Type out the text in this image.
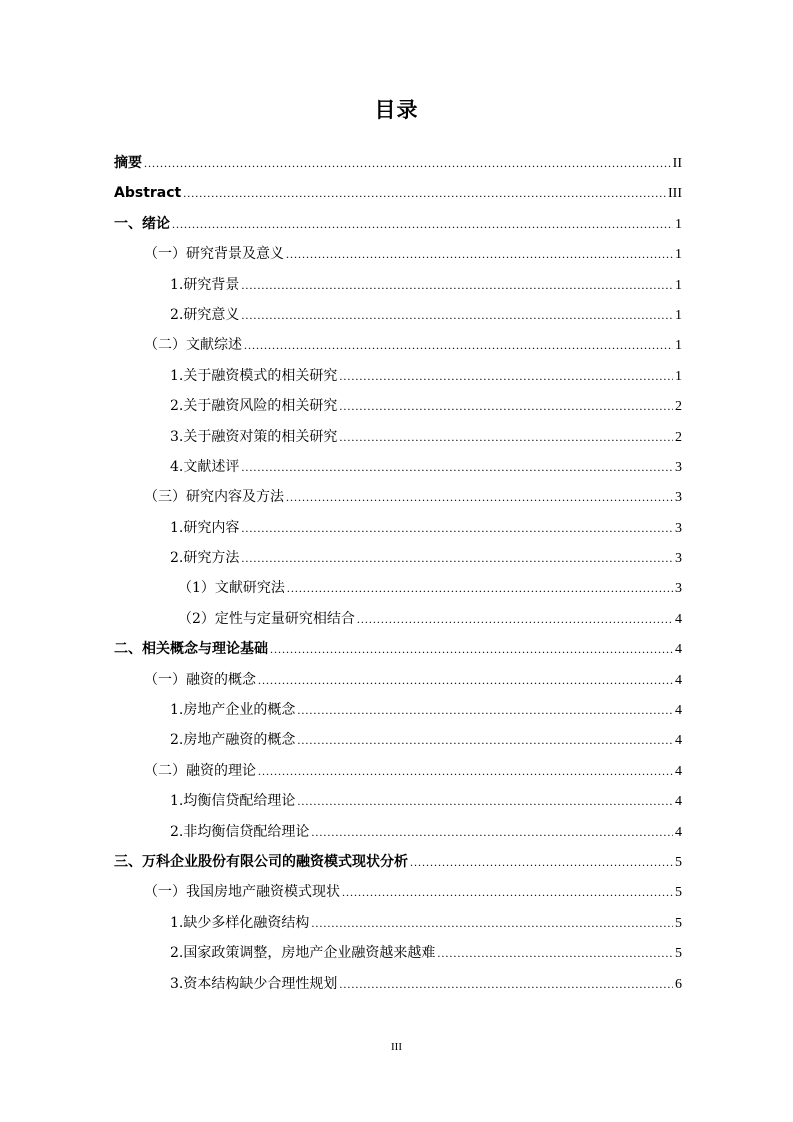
目录
摘要 .....	II
Abstract .....	III
一、绪论 .....	1
（一）研究背景及意义 .....	1
1.研究背景 .....	1
2.研究意义 .....	1
（二）文献综述 .....	1
1.关于融资模式的相关研究 .....	1
2.关于融资风险的相关研究 .....	2
3.关于融资对策的相关研究 .....	2
4.文献述评 .....	3
（三）研究内容及方法 .....	3
1.研究内容 .....	3
2.研究方法 .....	3
（1）文献研究法 .....	3
（2）定性与定量研究相结合 .....	4
二、相关概念与理论基础 .....	4
（一）融资的概念 .....	4
1.房地产企业的概念 .....	4
2.房地产融资的概念 .....	4
（二）融资的理论 .....	4
1.均衡信贷配给理论 .....	4
2.非均衡信贷配给理论 .....	4
三、万科企业股份有限公司的融资模式现状分析 .....	5
（一）我国房地产融资模式现状 .....	5
1.缺少多样化融资结构 .....	5
2.国家政策调整，房地产企业融资越来越难 .....	5
3.资本结构缺少合理性规划 .....	6
III
